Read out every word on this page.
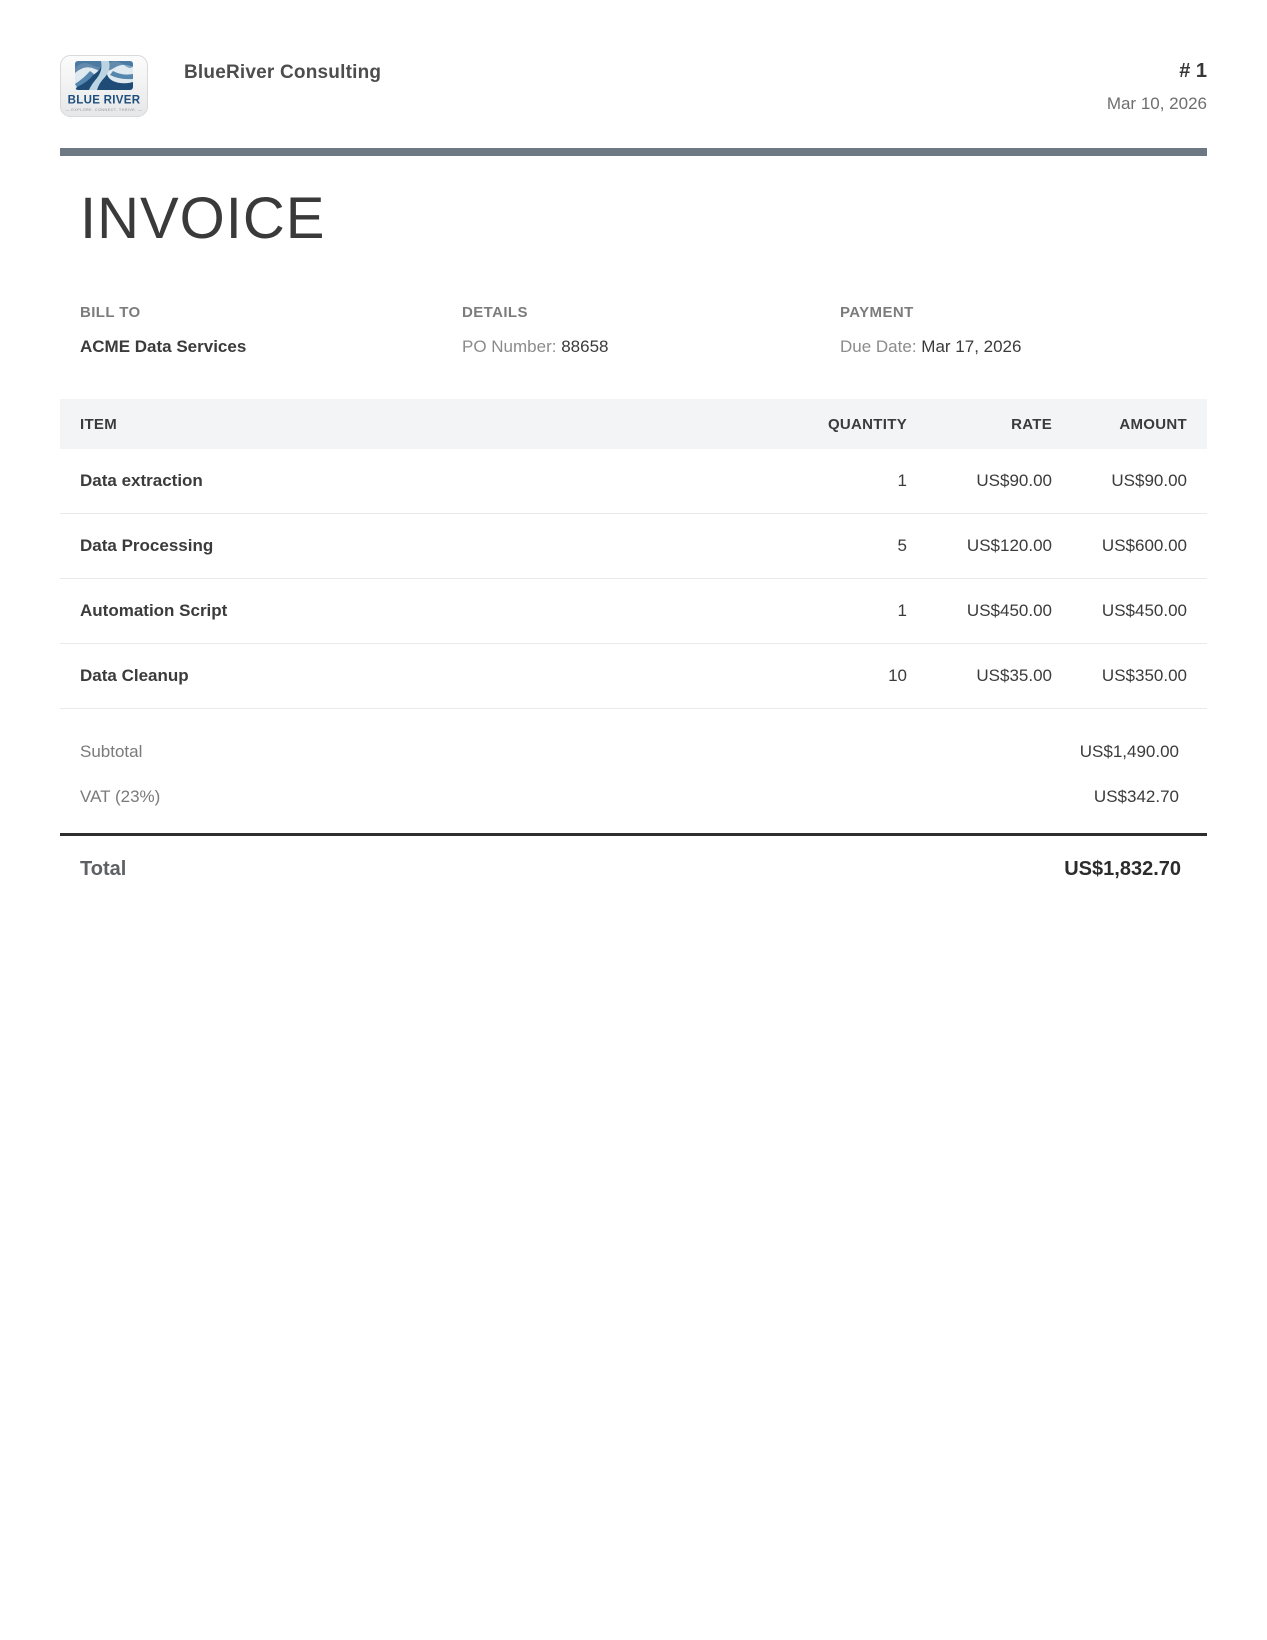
BLUE RIVER
— EXPLORE. CONNECT. THRIVE. —
BlueRiver Consulting	# 1
Mar 10, 2026
INVOICE
BILL TO
ACME Data Services
DETAILS
PO Number: 88658
PAYMENT
Due Date: Mar 17, 2026
ITEM	QUANTITY	RATE	AMOUNT
Data extraction	1	US$90.00	US$90.00
Data Processing	5	US$120.00	US$600.00
Automation Script	1	US$450.00	US$450.00
Data Cleanup	10	US$35.00	US$350.00
Subtotal	US$1,490.00
VAT (23%)	US$342.70
Total	US$1,832.70
